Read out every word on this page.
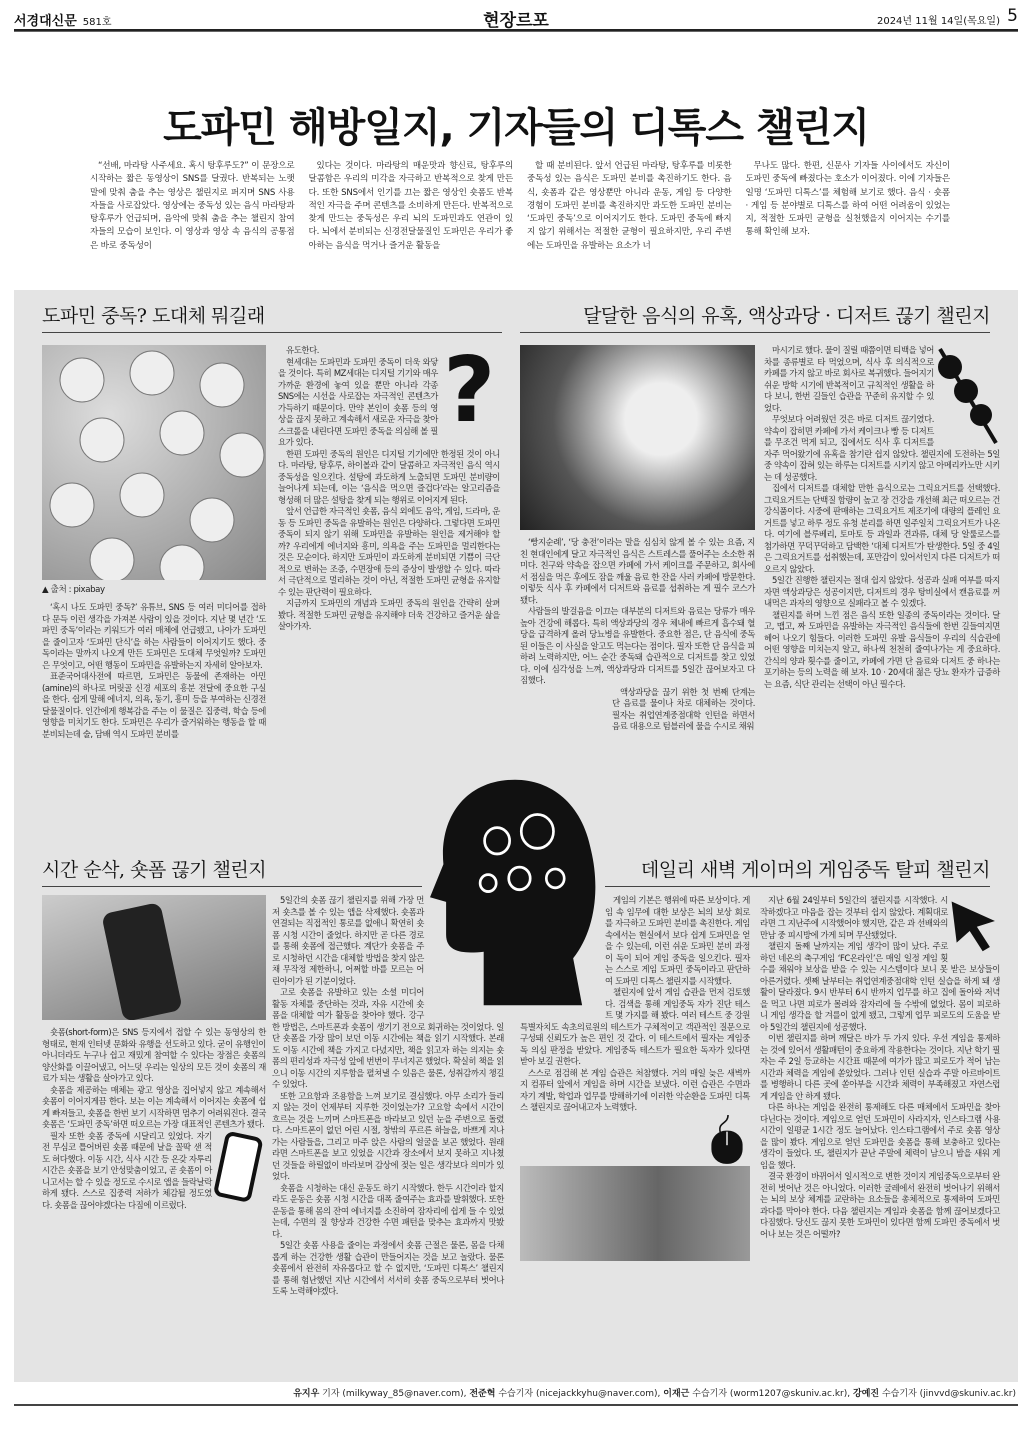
서경대신문 581호	현장르포	2024년 11월 14일(목요일) 5
도파민 해방일지, 기자들의 디톡스 챌린지

“선배, 마라탕 사주세요. 혹시 탕후루도?” 이 문장으로 시작하는 짧은 동영상이 SNS를 달궜다. 반복되는 노랫말에 맞춰 춤을 추는 영상은 챌린지로 퍼지며 SNS 사용자들을 사로잡았다. 영상에는 중독성 있는 음식 마라탕과 탕후루가 언급되며, 음악에 맞춰 춤을 추는 챌린지 참여자들의 모습이 보인다. 이 영상과 영상 속 음식의 공통점은 바로 중독성이

있다는 것이다. 마라탕의 매운맛과 향신료, 탕후루의 달콤함은 우리의 미각을 자극하고 반복적으로 찾게 만든다. 또한 SNS에서 인기를 끄는 짧은 영상인 숏폼도 반복적인 자극을 주며 콘텐츠를 소비하게 만든다. 반복적으로 찾게 만드는 중독성은 우리 뇌의 도파민과도 연관이 있다. 뇌에서 분비되는 신경전달물질인 도파민은 우리가 좋아하는 음식을 먹거나 즐거운 활동을

할 때 분비된다. 앞서 언급된 마라탕, 탕후루를 비롯한 중독성 있는 음식은 도파민 분비를 촉진하기도 한다. 음식, 숏폼과 같은 영상뿐만 아니라 운동, 게임 등 다양한 경험이 도파민 분비를 촉진하지만 과도한 도파민 분비는 ‘도파민 중독’으로 이어지기도 한다. 도파민 중독에 빠지지 않기 위해서는 적절한 균형이 필요하지만, 우리 주변에는 도파민을 유발하는 요소가 너

무나도 많다. 한편, 신문사 기자들 사이에서도 자신이 도파민 중독에 빠졌다는 호소가 이어졌다. 이에 기자들은 일명 ‘도파민 디톡스’를 체험해 보기로 했다. 음식 · 숏폼 · 게임 등 분야별로 디톡스를 하여 어떤 어려움이 있었는지, 적절한 도파민 균형을 실천했을지 이어지는 수기를 통해 확인해 보자.

도파민 중독? 도대체 뭐길래
▲ 출처 : pixabay

‘혹시 나도 도파민 중독?’ 유튜브, SNS 등 여러 미디어를 접하다 문득 이런 생각을 가져본 사람이 있을 것이다. 지난 몇 년간 ‘도파민 중독’이라는 키워드가 여러 매체에 언급됐고, 나아가 도파민을 줄이고자 ‘도파민 단식’을 하는 사람들이 이어지기도 했다. 중독이라는 말까지 나오게 만든 도파민은 도대체 무엇일까? 도파민은 무엇이고, 어떤 행동이 도파민을 유발하는지 자세히 알아보자.

표준국어대사전에 따르면, 도파민은 동물에 존재하는 아민(amine)의 하나로 머릿골 신경 세포의 흥분 전달에 중요한 구실을 한다. 쉽게 말해 에너지, 의욕, 동기, 흥미 등을 부여하는 신경전달물질이다. 인간에게 행복감을 주는 이 물질은 집중력, 학습 등에 영향을 미치기도 한다. 도파민은 우리가 즐거워하는 행동을 할 때 분비되는데 술, 담배 역시 도파민 분비를

?

유도한다.

현세대는 도파민과 도파민 중독이 더욱 와닿을 것이다. 특히 MZ세대는 디지털 기기와 매우 가까운 환경에 놓여 있을 뿐만 아니라 각종 SNS에는 시선을 사로잡는 자극적인 콘텐츠가 가득하기 때문이다. 만약 본인이 숏폼 등의 영상을 끊지 못하고 계속해서 새로운 자극을 찾아 스크롤을 내린다면 도파민 중독을 의심해 볼 필요가 있다.

한편 도파민 중독의 원인은 디지털 기기에만 한정된 것이 아니다. 마라탕, 탕후루, 하이볼과 같이 달콤하고 자극적인 음식 역시 중독성을 일으킨다. 설탕에 과도하게 노출되면 도파민 분비량이 늘어나게 되는데, 이는 ‘음식을 먹으면 즐겁다’라는 알고리즘을 형성해 더 많은 설탕을 찾게 되는 행위로 이어지게 된다.

앞서 언급한 자극적인 숏폼, 음식 외에도 음악, 게임, 드라마, 운동 등 도파민 중독을 유발하는 원인은 다양하다. 그렇다면 도파민 중독이 되지 않기 위해 도파민을 유발하는 원인을 제거해야 할까? 우리에게 에너지와 흥미, 의욕을 주는 도파민을 멀리한다는 것은 모순이다. 하지만 도파민이 과도하게 분비되면 기쁨이 극단적으로 변하는 조증, 수면장애 등의 증상이 발생할 수 있다. 따라서 극단적으로 멀리하는 것이 아닌, 적절한 도파민 균형을 유지할 수 있는 판단력이 필요하다.

지금까지 도파민의 개념과 도파민 중독의 원인을 간략히 살펴봤다. 적절한 도파민 균형을 유지해야 더욱 건강하고 즐거운 삶을 살아가자.

달달한 음식의 유혹, 액상과당 · 디저트 끊기 챌린지

‘빵지순례’, ‘당 충전’이라는 말을 심심치 않게 볼 수 있는 요즘, 지친 현대인에게 달고 자극적인 음식은 스트레스를 풀어주는 소소한 취미다. 친구와 약속을 잡으면 카페에 가서 케이크를 주문하고, 회사에서 점심을 먹은 후에도 잠을 깨울 음료 한 잔을 사러 카페에 방문한다. 이렇듯 식사 후 카페에서 디저트와 음료를 섭취하는 게 필수 코스가 됐다.

사람들의 발걸음을 이끄는 대부분의 디저트와 음료는 당류가 매우 높아 건강에 해롭다. 특히 액상과당의 경우 체내에 빠르게 흡수돼 혈당을 급격하게 올려 당뇨병을 유발한다. 중요한 점은, 단 음식에 중독된 이들은 이 사실을 알고도 먹는다는 점이다. 필자 또한 단 음식을 피하려 노력하지만, 어느 순간 중독돼 습관적으로 디저트를 찾고 있었다. 이에 심각성을 느껴, 액상과당과 디저트를 5일간 끊어보자고 다짐했다.

액상과당을 끊기 위한 첫 번째 단계는 단 음료를 물이나 차로 대체하는 것이다. 필자는 취업연계중점대학 인턴을 하면서 음료 대용으로 텀블러에 물을 수시로 채워

마시기로 했다. 물이 질릴 때쯤이면 티백을 넣어 차를 종류별로 타 먹었으며, 식사 후 의식적으로 카페를 가지 않고 바로 회사로 복귀했다. 들어지기 쉬운 방학 시기에 반복적이고 규칙적인 생활을 하다 보니, 한번 길들인 습관을 꾸준히 유지할 수 있었다.

무엇보다 어려웠던 것은 바로 디저트 끊기였다. 약속이 잡히면 카페에 가서 케이크나 빵 등 디저트를 무조건 먹게 되고, 집에서도 식사 후 디저트를 자주 먹어왔기에 유혹을 참기란 쉽지 않았다. 챌린지에 도전하는 5일 중 약속이 잡혀 있는 하루는 디저트를 시키지 않고 아메리카노만 시키는 데 성공했다.

집에서 디저트를 대체할 만한 음식으로는 그릭요거트를 선택했다. 그릭요거트는 단백질 함량이 높고 장 건강을 개선해 최근 떠오르는 건강식품이다. 시중에 판매하는 그릭요거트 제조기에 대량의 플레인 요거트를 넣고 하루 정도 유청 분리를 하면 일주일치 그릭요거트가 나온다. 여기에 블루베리, 토마토 등 과일과 견과류, 대체 당 알룰로스를 첨가하면 꾸덕꾸덕하고 담백한 ‘대체 디저트’가 탄생한다. 5일 중 4일은 그릭요거트를 섭취했는데, 포만감이 있어서인지 다른 디저트가 떠오르지 않았다.

5일간 진행한 챌린지는 절대 쉽지 않았다. 성공과 실패 여부를 따지자면 액상과당은 성공이지만, 디저트의 경우 탕비실에서 캔음료를 꺼내먹은 과자의 영향으로 실패라고 볼 수 있겠다.

챌린지를 하며 느낀 점은 음식 또한 일종의 중독이라는 것이다. 달고, 맵고, 짜 도파민을 유발하는 자극적인 음식들에 한번 길들여지면 헤어 나오기 힘들다. 이러한 도파민 유발 음식들이 우리의 식습관에 어떤 영향을 미치는지 알고, 하나씩 천천히 줄여나가는 게 중요하다. 간식의 양과 횟수를 줄이고, 카페에 가면 단 음료와 디저트 중 하나는 포기하는 등의 노력을 해 보자. 10 · 20세대 젊은 당뇨 환자가 급증하는 요즘, 식단 관리는 선택이 아닌 필수다.

시간 순삭, 숏폼 끊기 챌린지

숏폼(short-form)은 SNS 등지에서 접할 수 있는 동영상의 한 형태로, 현재 인터넷 문화와 유행을 선도하고 있다. 굳이 유행인이 아니더라도 누구나 쉽고 재밌게 참여할 수 있다는 장점은 숏폼의 양산화를 이끌어냈고, 어느덧 우리는 일상의 모든 것이 숏폼의 재료가 되는 생활을 살아가고 있다.

숏폼을 제공하는 매체는 광고 영상을 집어넣지 않고 계속해서 숏폼이 이어지게끔 한다. 보는 이는 계속해서 이어지는 숏폼에 쉽게 빠져들고, 숏폼을 한번 보기 시작하면 멈추기 어려워진다. 결국 숏폼은 ‘도파민 중독’하면 떠오르는 가장 대표적인 콘텐츠가 됐다.

필자 또한 숏폼 중독에 시달리고 있었다. 자기 전 무심코 틀어버린 숏폼 때문에 날을 꼴딱 샌 적도 허다했다. 이동 시간, 식사 시간 등 온갖 자투리 시간은 숏폼을 보기 안성맞춤이었고, 곧 숏폼이 아니고서는 할 수 있을 정도로 수시로 앱을 들락날락하게 됐다. 스스로 집중력 저하가 체감될 정도였다. 숏폼을 끊어야겠다는 다짐에 이르렀다.

5일간의 숏폼 끊기 챌린지를 위해 가장 먼저 숏츠를 볼 수 있는 앱을 삭제했다. 숏폼과 연결되는 직접적인 통로를 없애니 확연히 숏폼 시청 시간이 줄었다. 하지만 곧 다른 경로를 통해 숏폼에 접근했다. 계단가 숏폼을 주로 시청하던 시간을 대체할 방법을 찾지 않은 채 무작정 제한하니, 어쩌할 바를 모르는 어린아이가 된 기분이었다.

고로 숏폼을 유발하고 있는 소셜 미디어 활동 자체를 중단하는 것과, 자유 시간에 숏폼을 대체할 여가 활동을 찾아야 했다. 강구한 방법은, 스마트폰과 숏폼이 생기기 전으로 회귀하는 것이었다. 일단 숏폼을 가장 많이 보던 이동 시간에는 책을 읽기 시작했다. 본래도 이동 시간에 책을 가지고 다녔지만, 책을 읽고자 하는 의지는 숏폼의 편리성과 자극성 앞에 번번이 무너지곤 했었다. 확실히 책을 읽으니 이동 시간의 지루함을 펼쳐낼 수 있음은 물론, 성취감까지 챙길 수 있었다.

또한 고요함과 조용함을 느껴 보기로 결심했다. 아무 소리가 들리지 않는 것이 언제부터 지루한 것이었는가? 고요함 속에서 시간이 흐르는 것을 느끼며 스마트폰을 바라보고 있던 눈을 주변으로 돌렸다. 스마트폰이 없던 어린 시절, 창밖의 푸르른 하늘을, 바쁘게 지나가는 사람들을, 그리고 마주 앉은 사람의 얼굴을 보곤 했었다. 원래라면 스마트폰을 보고 있었을 시간과 장소에서 보지 못하고 지나쳤던 것들을 하릴없이 바라보며 감상에 젖는 일은 생각보다 의미가 있었다.

숏폼을 시청하는 대신 운동도 하기 시작했다. 한두 시간이라 할지라도 운동은 숏폼 시청 시간을 대폭 줄여주는 효과를 발휘했다. 또한 운동을 통해 몸의 잔여 에너지를 소진하여 잠자리에 쉽게 들 수 있었는데, 수면의 질 향상과 건강한 수면 패턴을 맞추는 효과까지 맛봤다.

5일간 숏폼 사용을 줄이는 과정에서 숏폼 근절은 물론, 몸을 다채롭게 하는 건강한 생활 습관이 만들어지는 것을 보고 놀랐다. 물론 숏폼에서 완전히 자유롭다고 할 수 없지만, ‘도파민 디톡스’ 챌린지를 통해 험난했던 지난 시간에서 서서히 숏폼 중독으로부터 벗어나도록 노력해야겠다.

데일리 새벽 게이머의 게임중독 탈피 챌린지

게임의 기본은 행위에 따른 보상이다. 게임 속 임무에 대한 보상은 뇌의 보상 회로를 자극하고 도파민 분비를 촉진한다. 게임 속에서는 현실에서 보다 쉽게 도파민을 얻을 수 있는데, 이런 쉬운 도파민 분비 과정이 독이 되어 게임 중독을 일으킨다. 필자는 스스로 게임 도파민 중독이라고 판단하여 도파민 디톡스 챌린지를 시작했다.

챌린지에 앞서 게임 습관을 먼저 검토했다. 검색을 통해 게임중독 자가 진단 테스트 몇 가지를 해 봤다. 여러 테스트 중 강원특별자치도 속초의료원의 테스트가 구체적이고 객관적인 질문으로 구성돼 신뢰도가 높은 편인 것 같다. 이 테스트에서 필자는 게임중독 의심 판정을 받았다. 게임중독 테스트가 필요한 독자가 있다면 받아 보길 권한다.

스스로 점검해 본 게임 습관은 처참했다. 거의 매일 늦은 새벽까지 컴퓨터 앞에서 게임을 하며 시간을 보냈다. 이런 습관은 수면과 자기 계발, 학업과 업무를 방해하기에 이러한 악순환을 도파민 디톡스 챌린지로 끊어내고자 노력했다.

지난 6월 24일부터 5일간의 챌린지를 시작했다. 시작하겠다고 마음을 잡는 것부터 쉽지 않았다. 계획대로라면 그 지난주에 시작했어야 했지만, 같은 과 선배와의 만남 중 피시방에 가게 되며 무산됐었다.

챌린지 돌째 날까지는 게임 생각이 많이 났다. 주로 하던 네온의 축구게임 ‘FC온라인’은 매일 일정 게임 횟수를 채워야 보상을 받을 수 있는 시스템이다 보니 못 받은 보상들이 아른거렸다. 셋째 날부터는 취업연계중점대학 인턴 실습을 하게 돼 생활이 달라졌다. 9시 반부터 6시 반까지 업무를 하고 집에 돌아와 저녁을 먹고 나면 피로가 몰려와 잠자리에 들 수밖에 없었다. 몸이 피로하니 게임 생각을 할 겨를이 없게 됐고, 그렇게 업무 피로도의 도움을 받아 5일간의 챌린지에 성공했다.

이번 챌린지를 하며 깨달은 바가 두 가지 있다. 우선 게임을 통제하는 것에 있어서 생활패턴이 중요하게 작용한다는 것이다. 지난 학기 필자는 주 2일 등교하는 시간표 때문에 여가가 많고 피로도가 적어 남는 시간과 체력을 게임에 쏟았었다. 그러나 인턴 실습과 주말 아르바이트를 병행하니 다른 곳에 쏟아부을 시간과 체력이 부족해졌고 자연스럽게 게임을 안 하게 됐다.

다른 하나는 게임을 완전히 통제해도 다른 매체에서 도파민을 찾아다닌다는 것이다. 게임으로 얻던 도파민이 사라지자, 인스타그램 사용 시간이 일평균 1시간 정도 늘어났다. 인스타그램에서 주로 숏폼 영상을 많이 봤다. 게임으로 얻던 도파민을 숏폼을 통해 보충하고 있다는 생각이 들었다. 또, 챌린지가 끝난 주말에 체력이 남으니 밤을 새워 게임을 했다.

결국 환경이 바뀌어서 일시적으로 변한 것이지 게임중독으로부터 완전히 벗어난 것은 아니었다. 이러한 굴레에서 완전히 벗어나기 위해서는 뇌의 보상 체계를 교란하는 요소들을 총체적으로 통제하여 도파민 과다를 막아야 한다. 다음 챌린지는 게임과 숏폼을 함께 끊어보겠다고 다짐했다. 당신도 끊지 못한 도파민이 있다면 함께 도파민 중독에서 벗어나 보는 것은 어떨까?

유지우 기자 (milkyway_85@naver.com), 전준혁 수습기자 (nicejackkyhu@naver.com), 이재근 수습기자 (worm1207@skuniv.ac.kr), 강예진 수습기자 (jinvvd@skuniv.ac.kr)
